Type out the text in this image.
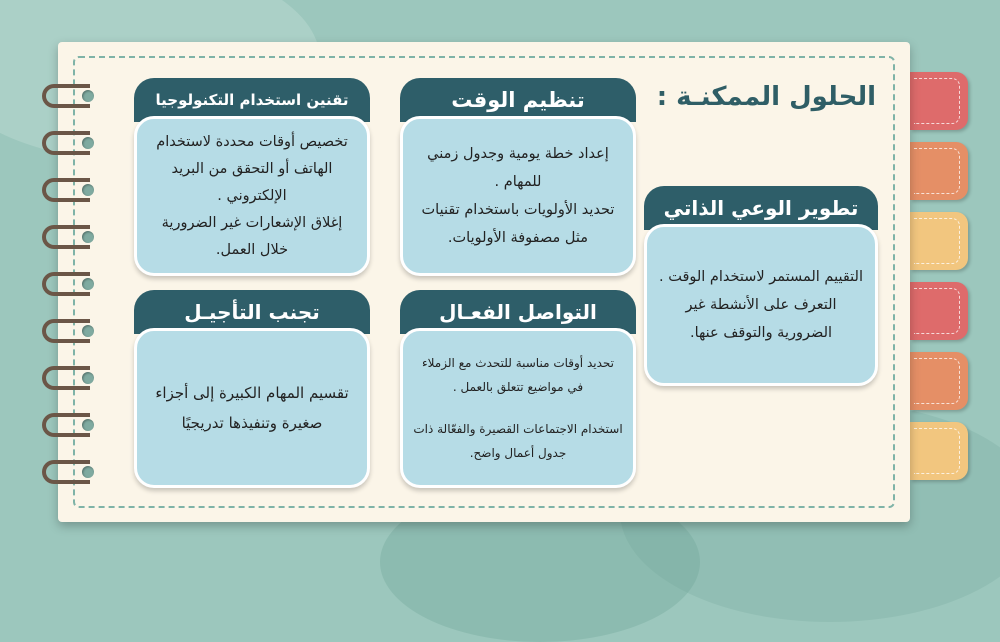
الحلول الممكنـة :
تنظيم الوقت

إعداد خطة يومية وجدول زمني للمهام .

تحديد الأولويات باستخدام تقنيات مثل مصفوفة الأولويات.

تقنين استخدام التكنولوجيا

تخصيص أوقات محددة لاستخدام الهاتف أو التحقق من البريد الإلكتروني .

إغلاق الإشعارات غير الضرورية خلال العمل.

تطوير الوعي الذاتي

التقييم المستمر لاستخدام الوقت .

التعرف على الأنشطة غير الضرورية والتوقف عنها.

التواصل الفعـال

تحديد أوقات مناسبة للتحدث مع الزملاء في مواضيع تتعلق بالعمل .

استخدام الاجتماعات القصيرة والفعّالة ذات جدول أعمال واضح.

تجنب التأجيـل

تقسيم المهام الكبيرة إلى أجزاء صغيرة وتنفيذها تدريجيًا
